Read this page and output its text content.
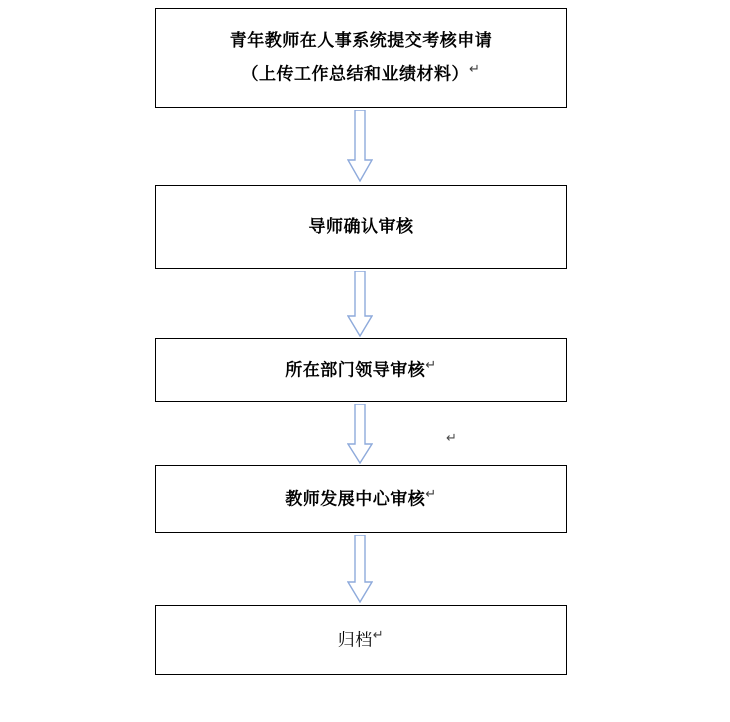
青年教师在人事系统提交考核申请
（上传工作总结和业绩材料）↵
导师确认审核
所在部门领导审核↵
↵
教师发展中心审核↵
归档↵
